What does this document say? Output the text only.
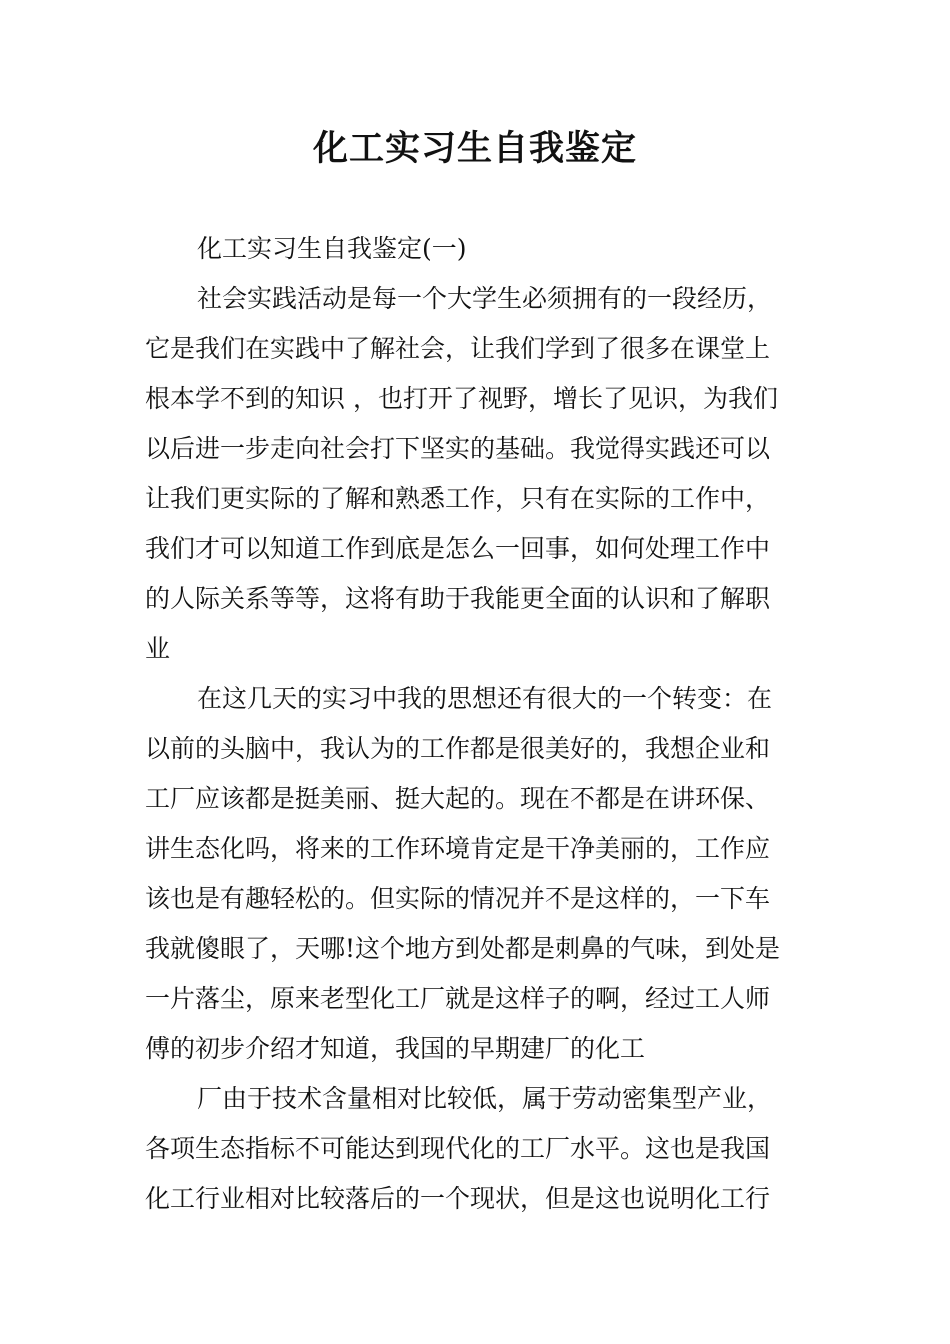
化工实习生自我鉴定

化工实习生自我鉴定(一)

社会实践活动是每一个大学生必须拥有的一段经历，

它是我们在实践中了解社会，让我们学到了很多在课堂上

根本学不到的知识 ，也打开了视野，增长了见识，为我们

以后进一步走向社会打下坚实的基础。我觉得实践还可以

让我们更实际的了解和熟悉工作，只有在实际的工作中，

我们才可以知道工作到底是怎么一回事，如何处理工作中

的人际关系等等，这将有助于我能更全面的认识和了解职

业

在这几天的实习中我的思想还有很大的一个转变：在

以前的头脑中，我认为的工作都是很美好的，我想企业和

工厂应该都是挺美丽、挺大起的。现在不都是在讲环保、

讲生态化吗，将来的工作环境肯定是干净美丽的，工作应

该也是有趣轻松的。但实际的情况并不是这样的，一下车

我就傻眼了，天哪!这个地方到处都是刺鼻的气味，到处是

一片落尘，原来老型化工厂就是这样子的啊，经过工人师

傅的初步介绍才知道，我国的早期建厂的化工

厂由于技术含量相对比较低，属于劳动密集型产业，

各项生态指标不可能达到现代化的工厂水平。这也是我国

化工行业相对比较落后的一个现状，但是这也说明化工行
